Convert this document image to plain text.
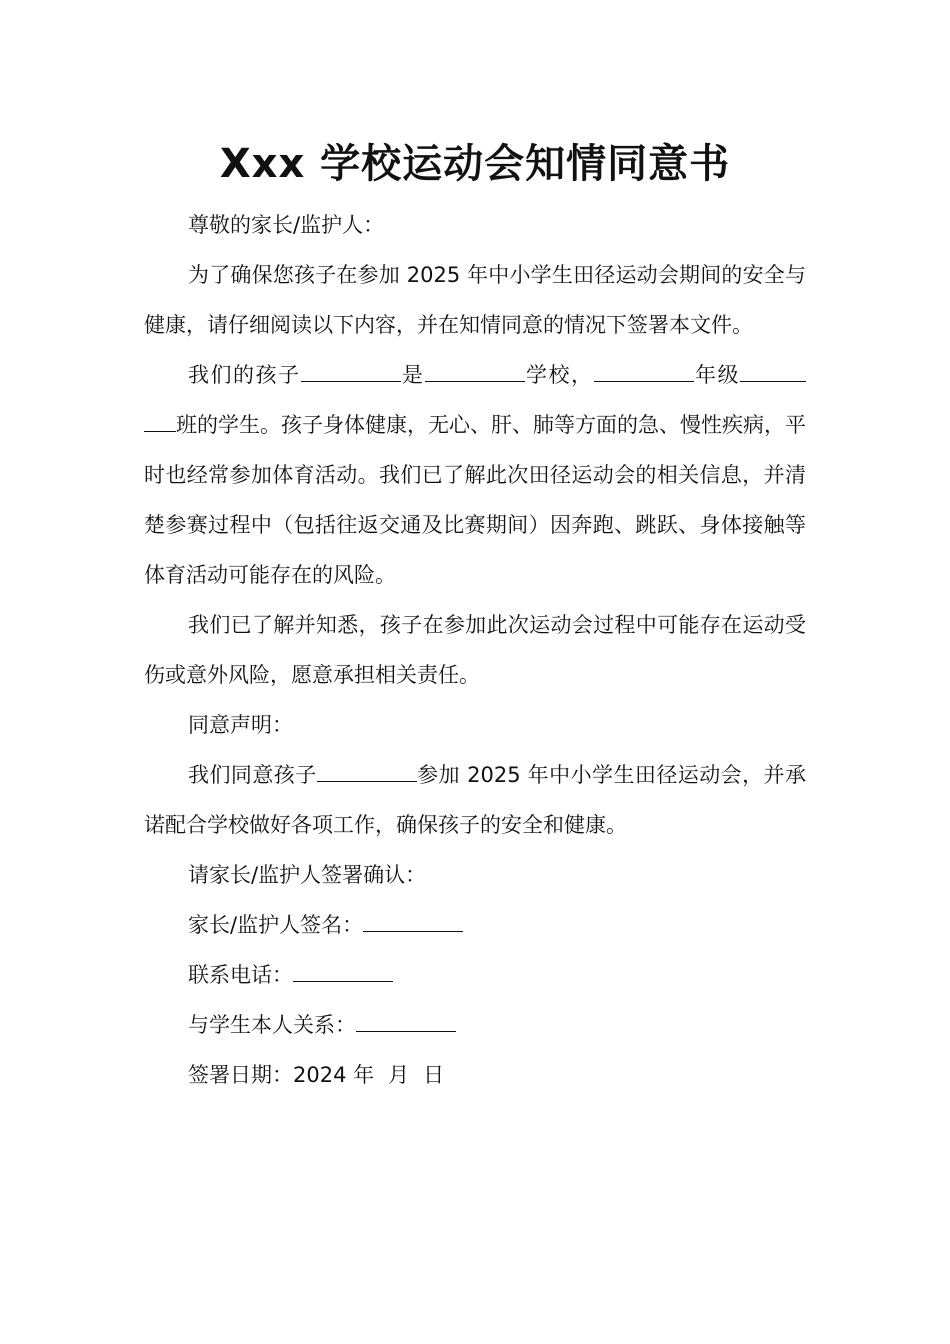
Xxx 学校运动会知情同意书

尊敬的家长/监护人：

为了确保您孩子在参加 2025 年中小学生田径运动会期间的安全与健康，请仔细阅读以下内容，并在知情同意的情况下签署本文件。

我们的孩子	是	学校，	年级班的学生。孩子身体健康，无心、肝、肺等方面的急、慢性疾病，平时也经常参加体育活动。我们已了解此次田径运动会的相关信息，并清楚参赛过程中（包括往返交通及比赛期间）因奔跑、跳跃、身体接触等体育活动可能存在的风险。

我们已了解并知悉，孩子在参加此次运动会过程中可能存在运动受伤或意外风险，愿意承担相关责任。

同意声明：

我们同意孩子	参加 2025 年中小学生田径运动会，并承诺配合学校做好各项工作，确保孩子的安全和健康。

请家长/监护人签署确认：
家长/监护人签名：
联系电话：
与学生本人关系：
签署日期：2024 年 月 日
